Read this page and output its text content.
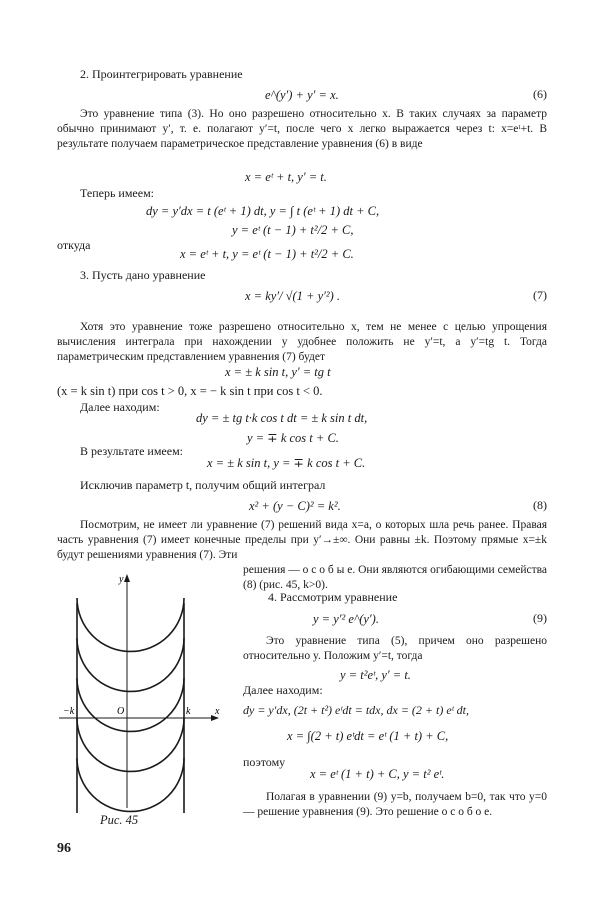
2. Проинтегрировать уравнение
e^(y′) + y′ = x.	(6)
Это уравнение типа (3). Но оно разрешено относительно x. В таких случаях за параметр обычно принимают y′, т. е. полагают y′=t, после чего x легко выражается через t: x=eᵗ+t. В результате получаем параметрическое представление уравнения (6) в виде
x = eᵗ + t, y′ = t.
Теперь имеем:
dy = y′dx = t (eᵗ + 1) dt, y = ∫ t (eᵗ + 1) dt + C,
y = eᵗ (t − 1) + t²/2 + C,
откуда
x = eᵗ + t, y = eᵗ (t − 1) + t²/2 + C.
3. Пусть дано уравнение
x = ky′/ √(1 + y′²) .	(7)
Хотя это уравнение тоже разрешено относительно x, тем не менее с целью упрощения вычисления интеграла при нахождении y удобнее положить не y′=t, а y′=tg t. Тогда параметрическим представлением уравнения (7) будет
x = ± k sin t, y′ = tg t
(x = k sin t) при cos t > 0, x = − k sin t при cos t < 0.
Далее находим:
dy = ± tg t·k cos t dt = ± k sin t dt,
y = ∓ k cos t + C.
В результате имеем:
x = ± k sin t, y = ∓ k cos t + C.
Исключив параметр t, получим общий интеграл
x² + (y − C)² = k².	(8)
Посмотрим, не имеет ли уравнение (7) решений вида x=a, о которых шла речь ранее. Правая часть уравнения (7) имеет конечные пределы при y′→±∞. Они равны ±k. Поэтому прямые x=±k будут решениями уравнения (7). Эти
решения — о с о б ы е. Они являются огибающими семейства (8) (рис. 45, k>0).
4. Рассмотрим уравнение
y = y′² e^(y′).	(9)
Это уравнение типа (5), причем оно разрешено относительно y. Положим y′=t, тогда
y = t²eᵗ, y′ = t.
Далее находим:
dy = y′dx, (2t + t²) eᵗdt = tdx, dx = (2 + t) eᵗ dt,
x = ∫(2 + t) eᵗdt = eᵗ (1 + t) + C,
поэтому
x = eᵗ (1 + t) + C, y = t² eᵗ.
Полагая в уравнении (9) y=b, получаем b=0, так что y=0 — решение уравнения (9). Это решение о с о б о е.
y
x
−k	O	k
Рис. 45
96
